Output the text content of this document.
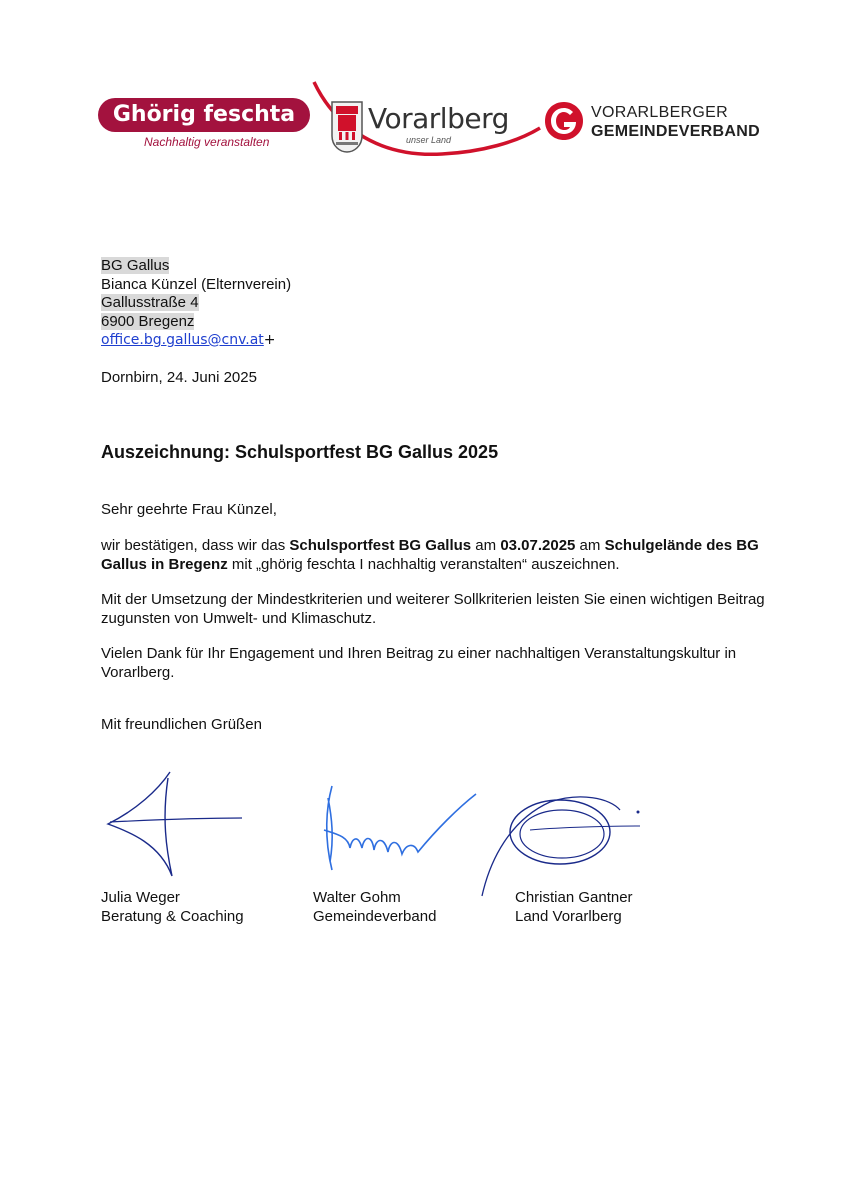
Ghörig feschta
Nachhaltig veranstalten
Vorarlberg
unser Land
VORARLBERGER
GEMEINDEVERBAND
BG Gallus
Bianca Künzel (Elternverein)
Gallusstraße 4
6900 Bregenz
office.bg.gallus@cnv.at+
Dornbirn, 24. Juni 2025
Auszeichnung: Schulsportfest BG Gallus 2025
Sehr geehrte Frau Künzel,
wir bestätigen, dass wir das Schulsportfest BG Gallus am 03.07.2025 am Schulgelände des BG Gallus in Bregenz mit „ghörig feschta I nachhaltig veranstalten“ auszeichnen.
Mit der Umsetzung der Mindestkriterien und weiterer Sollkriterien leisten Sie einen wichtigen Beitrag zugunsten von Umwelt- und Klimaschutz.
Vielen Dank für Ihr Engagement und Ihren Beitrag zu einer nachhaltigen Veranstaltungskultur in Vorarlberg.
Mit freundlichen Grüßen
Julia Weger
Beratung & Coaching
Walter Gohm
Gemeindeverband
Christian Gantner
Land Vorarlberg
